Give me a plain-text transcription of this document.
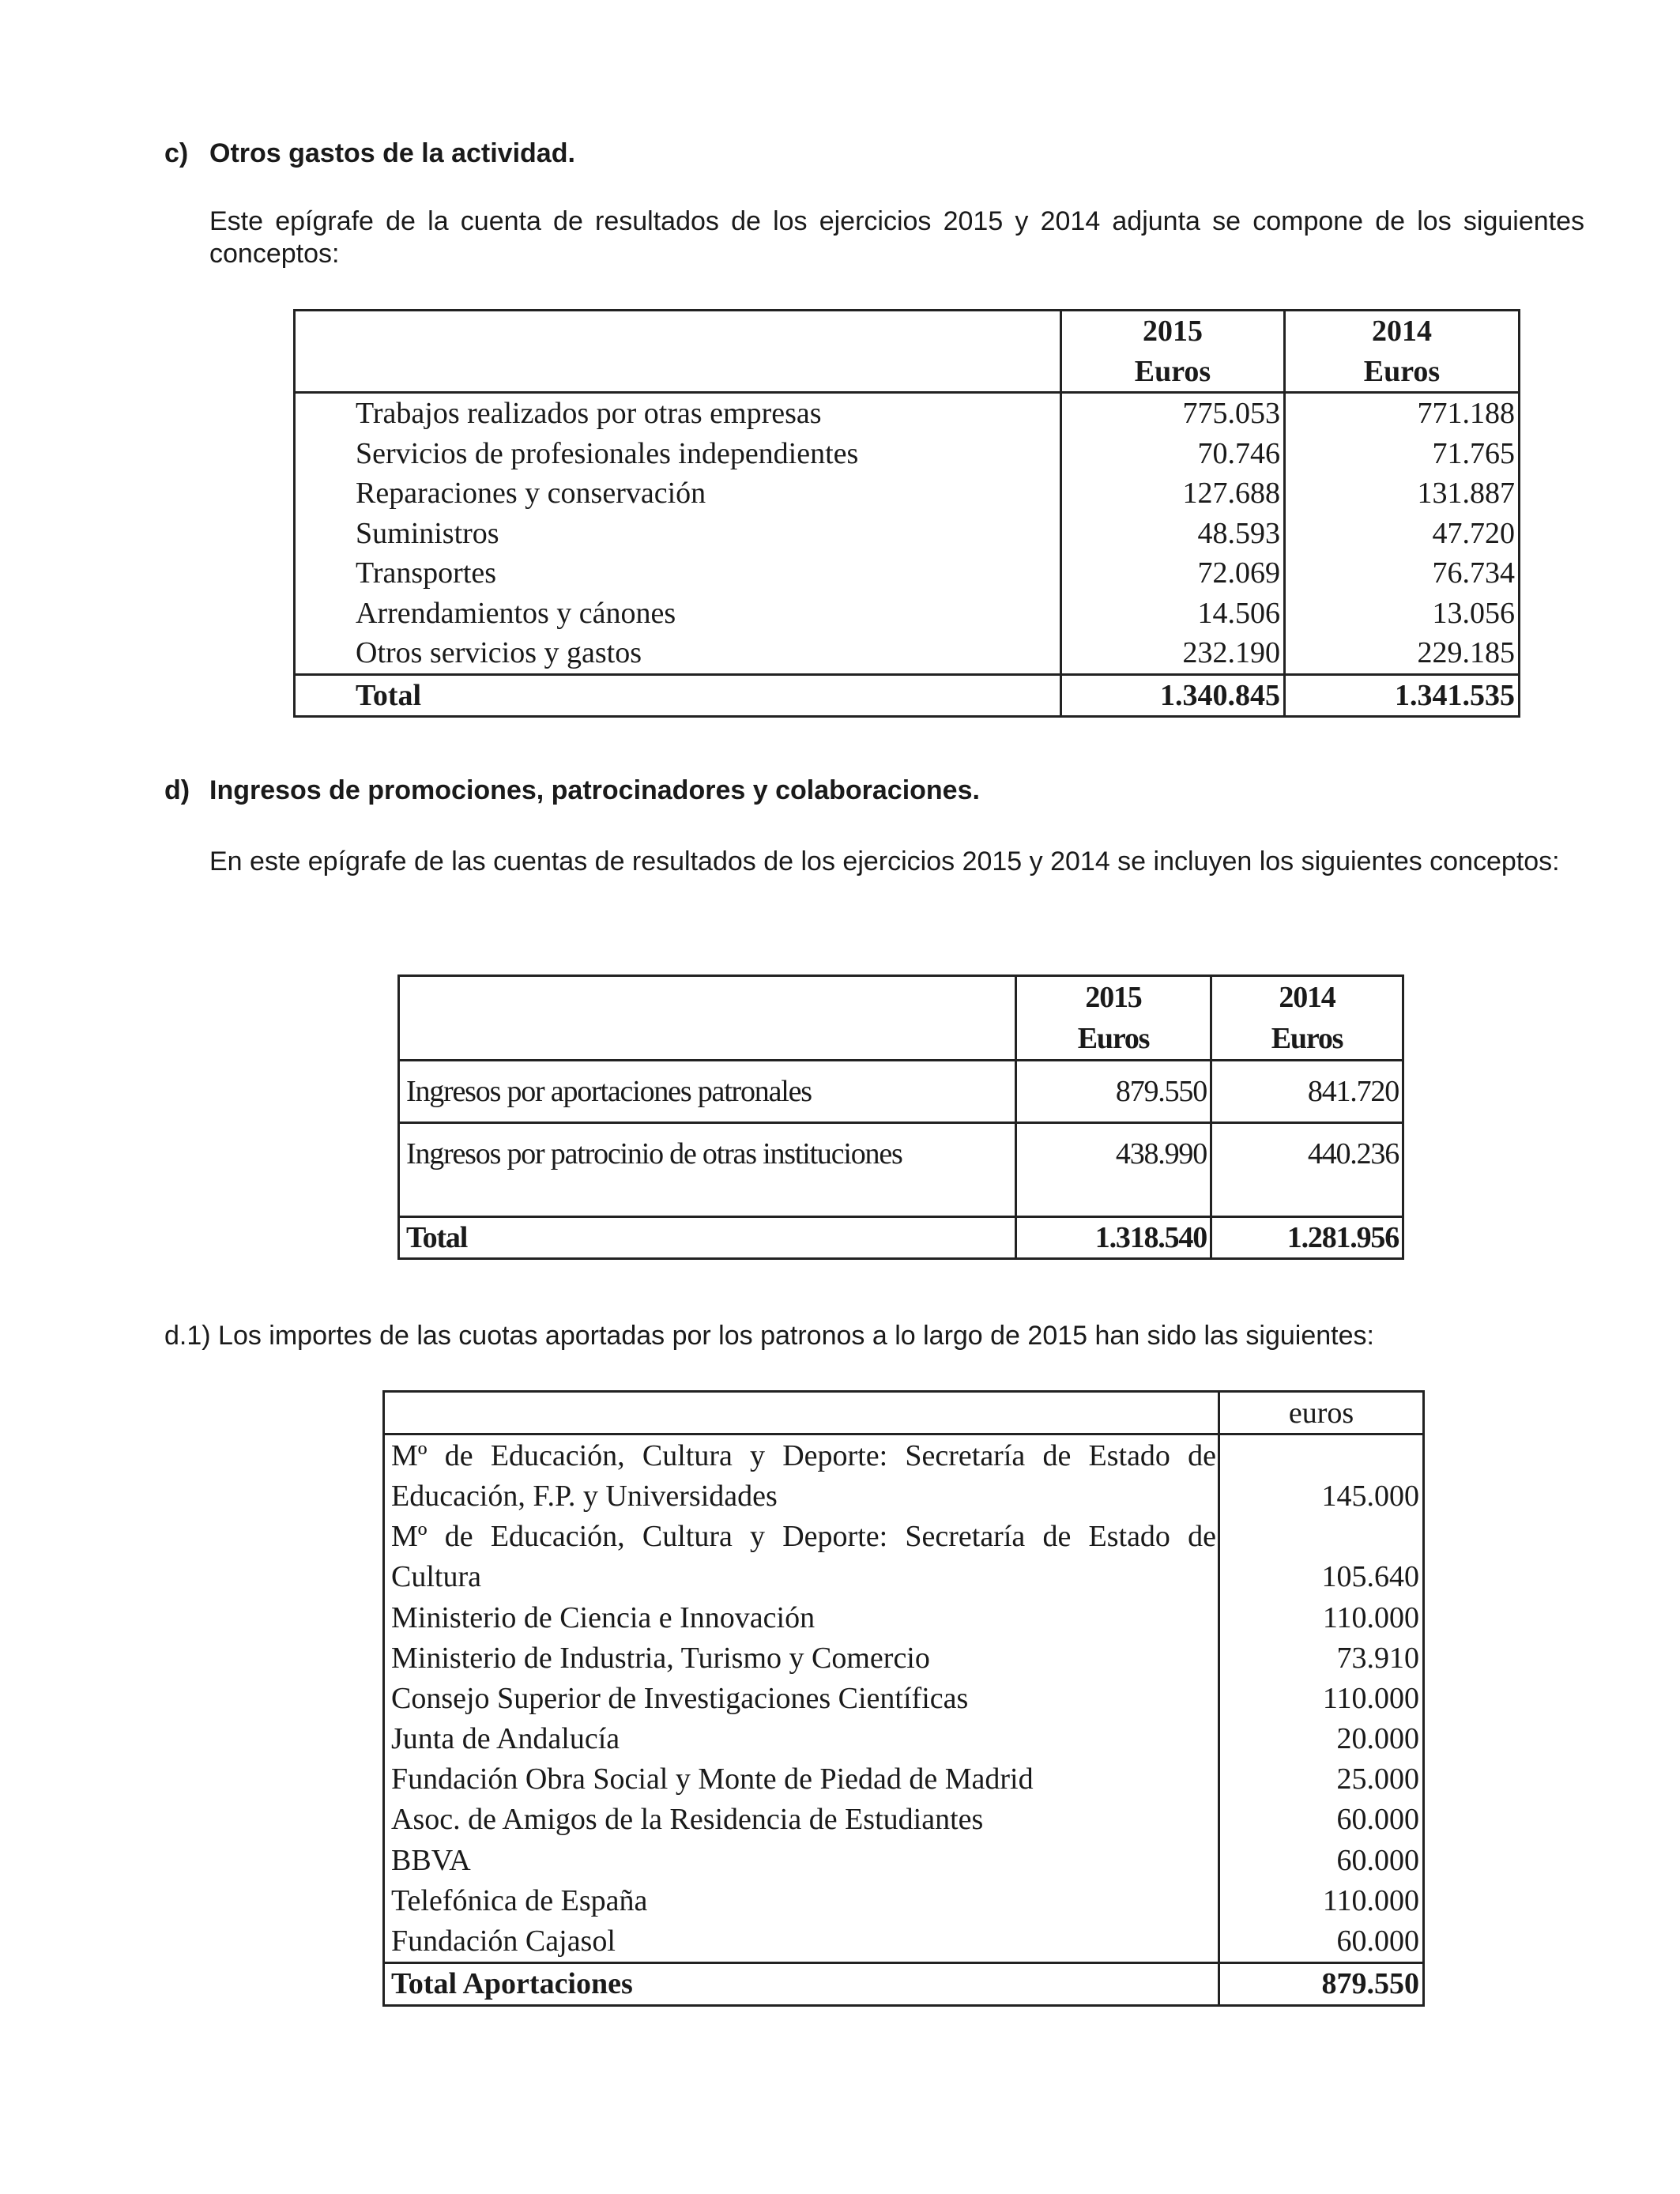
c) Otros gastos de la actividad.
Este epígrafe de la cuenta de resultados de los ejercicios 2015 y 2014 adjunta se compone de los siguientes conceptos:
	2015	2014
	Euros	Euros
Trabajos realizados por otras empresas	775.053	771.188
Servicios de profesionales independientes	70.746	71.765
Reparaciones y conservación	127.688	131.887
Suministros	48.593	47.720
Transportes	72.069	76.734
Arrendamientos y cánones	14.506	13.056
Otros servicios y gastos	232.190	229.185
Total	1.340.845	1.341.535
d) Ingresos de promociones, patrocinadores y colaboraciones.
En este epígrafe de las cuentas de resultados de los ejercicios 2015 y 2014 se incluyen los siguientes conceptos:
	2015	2014
	Euros	Euros
Ingresos por aportaciones patronales	879.550	841.720
Ingresos por patrocinio de otras instituciones	438.990	440.236
Total	1.318.540	1.281.956
d.1) Los importes de las cuotas aportadas por los patronos a lo largo de 2015 han sido las siguientes:
	euros

Mº de Educación, Cultura y Deporte: Secretaría de Estado de	

Educación, F.P. y Universidades	145.000

Mº de Educación, Cultura y Deporte: Secretaría de Estado de	

Cultura	105.640
Ministerio de Ciencia e Innovación	110.000
Ministerio de Industria, Turismo y Comercio	73.910
Consejo Superior de Investigaciones Científicas	110.000
Junta de Andalucía	20.000
Fundación Obra Social y Monte de Piedad de Madrid	25.000
Asoc. de Amigos de la Residencia de Estudiantes	60.000
BBVA	60.000
Telefónica de España	110.000
Fundación Cajasol	60.000
Total Aportaciones	879.550
